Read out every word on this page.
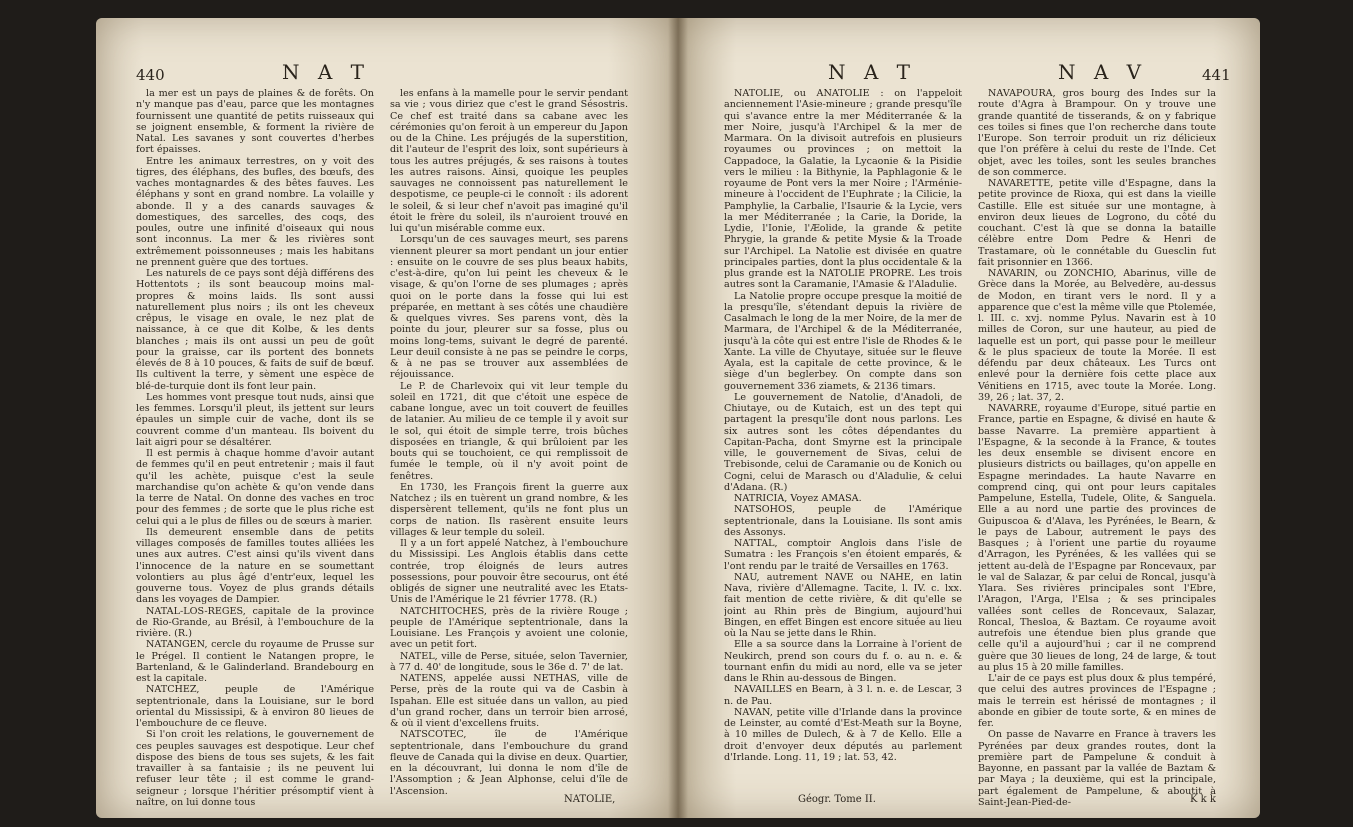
440	N A T

la mer est un pays de plaines & de forêts. On n'y manque pas d'eau, parce que les montagnes fournissent une quantité de petits ruisseaux qui se joignent ensemble, & forment la rivière de Natal. Les savanes y sont couvertes d'herbes fort épaisses.

Entre les animaux terrestres, on y voit des tigres, des éléphans, des bufles, des bœufs, des vaches montagnardes & des bêtes fauves. Les éléphans y sont en grand nombre. La volaille y abonde. Il y a des canards sauvages & domestiques, des sarcelles, des coqs, des poules, outre une infinité d'oiseaux qui nous sont inconnus. La mer & les rivières sont extrêmement poissonneuses ; mais les habitans ne prennent guère que des tortues.

Les naturels de ce pays sont déjà différens des Hottentots ; ils sont beaucoup moins mal-propres & moins laids. Ils sont aussi naturellement plus noirs ; ils ont les cheveux crêpus, le visage en ovale, le nez plat de naissance, à ce que dit Kolbe, & les dents blanches ; mais ils ont aussi un peu de goût pour la graisse, car ils portent des bonnets élevés de 8 à 10 pouces, & faits de suif de bœuf. Ils cultivent la terre, y sèment une espèce de blé-de-turquie dont ils font leur pain.

Les hommes vont presque tout nuds, ainsi que les femmes. Lorsqu'il pleut, ils jettent sur leurs épaules un simple cuir de vache, dont ils se couvrent comme d'un manteau. Ils boivent du lait aigri pour se désaltérer.

Il est permis à chaque homme d'avoir autant de femmes qu'il en peut entretenir ; mais il faut qu'il les achète, puisque c'est la seule marchandise qu'on achète & qu'on vende dans la terre de Natal. On donne des vaches en troc pour des femmes ; de sorte que le plus riche est celui qui a le plus de filles ou de sœurs à marier.

Ils demeurent ensemble dans de petits villages composés de familles toutes alliées les unes aux autres. C'est ainsi qu'ils vivent dans l'innocence de la nature en se soumettant volontiers au plus âgé d'entr'eux, lequel les gouverne tous. Voyez de plus grands détails dans les voyages de Dampier.

NATAL-LOS-REGES, capitale de la province de Rio-Grande, au Brésil, à l'embouchure de la rivière. (R.)

NATANGEN, cercle du royaume de Prusse sur le Prégel. Il contient le Natangen propre, le Bartenland, & le Galinderland. Brandebourg en est la capitale.

NATCHEZ, peuple de l'Amérique septentrionale, dans la Louisiane, sur le bord oriental du Mississipi, & à environ 80 lieues de l'embouchure de ce fleuve.

Si l'on croit les relations, le gouvernement de ces peuples sauvages est despotique. Leur chef dispose des biens de tous ses sujets, & les fait travailler à sa fantaisie ; ils ne peuvent lui refuser leur tête ; il est comme le grand-seigneur ; lorsque l'héritier présomptif vient à naître, on lui donne tous

les enfans à la mamelle pour le servir pendant sa vie ; vous diriez que c'est le grand Sésostris. Ce chef est traité dans sa cabane avec les cérémonies qu'on feroit à un empereur du Japon ou de la Chine. Les préjugés de la superstition, dit l'auteur de l'esprit des loix, sont supérieurs à tous les autres préjugés, & ses raisons à toutes les autres raisons. Ainsi, quoique les peuples sauvages ne connoissent pas naturellement le despotisme, ce peuple-ci le connoît : ils adorent le soleil, & si leur chef n'avoit pas imaginé qu'il étoit le frère du soleil, ils n'auroient trouvé en lui qu'un misérable comme eux.

Lorsqu'un de ces sauvages meurt, ses parens viennent pleurer sa mort pendant un jour entier : ensuite on le couvre de ses plus beaux habits, c'est-à-dire, qu'on lui peint les cheveux & le visage, & qu'on l'orne de ses plumages ; après quoi on le porte dans la fosse qui lui est préparée, en mettant à ses côtés une chaudière & quelques vivres. Ses parens vont, dès la pointe du jour, pleurer sur sa fosse, plus ou moins long-tems, suivant le degré de parenté. Leur deuil consiste à ne pas se peindre le corps, & à ne pas se trouver aux assemblées de réjouissance.

Le P. de Charlevoix qui vit leur temple du soleil en 1721, dit que c'étoit une espèce de cabane longue, avec un toit couvert de feuilles de latanier. Au milieu de ce temple il y avoit sur le sol, qui étoit de simple terre, trois bûches disposées en triangle, & qui brûloient par les bouts qui se touchoient, ce qui remplissoit de fumée le temple, où il n'y avoit point de fenêtres.

En 1730, les François firent la guerre aux Natchez ; ils en tuèrent un grand nombre, & les dispersèrent tellement, qu'ils ne font plus un corps de nation. Ils rasèrent ensuite leurs villages & leur temple du soleil.

Il y a un fort appelé Natchez, à l'embouchure du Mississipi. Les Anglois établis dans cette contrée, trop éloignés de leurs autres possessions, pour pouvoir être secourus, ont été obligés de signer une neutralité avec les Etats-Unis de l'Amérique le 21 février 1778. (R.)

NATCHITOCHES, près de la rivière Rouge ; peuple de l'Amérique septentrionale, dans la Louisiane. Les François y avoient une colonie, avec un petit fort.

NATEL, ville de Perse, située, selon Tavernier, à 77 d. 40' de longitude, sous le 36e d. 7' de lat.

NATENS, appelée aussi NETHAS, ville de Perse, près de la route qui va de Casbin à Ispahan. Elle est située dans un vallon, au pied d'un grand rocher, dans un terroir bien arrosé, & où il vient d'excellens fruits.

NATSCOTEC, île de l'Amérique septentrionale, dans l'embouchure du grand fleuve de Canada qui la divise en deux. Quartier, en la découvrant, lui donna le nom d'île de l'Assomption ; & Jean Alphonse, celui d'île de l'Ascension.

NATOLIE,
N A T	N A V	441

NATOLIE, ou ANATOLIE : on l'appeloit anciennement l'Asie-mineure ; grande presqu'île qui s'avance entre la mer Méditerranée & la mer Noire, jusqu'à l'Archipel & la mer de Marmara. On la divisoit autrefois en plusieurs royaumes ou provinces ; on mettoit la Cappadoce, la Galatie, la Lycaonie & la Pisidie vers le milieu : la Bithynie, la Paphlagonie & le royaume de Pont vers la mer Noire ; l'Arménie-mineure à l'occident de l'Euphrate ; la Cilicie, la Pamphylie, la Carbalie, l'Isaurie & la Lycie, vers la mer Méditerranée ; la Carie, la Doride, la Lydie, l'Ionie, l'Æolide, la grande & petite Phrygie, la grande & petite Mysie & la Troade sur l'Archipel. La Natolie est divisée en quatre principales parties, dont la plus occidentale & la plus grande est la NATOLIE PROPRE. Les trois autres sont la Caramanie, l'Amasie & l'Aladulie.

La Natolie propre occupe presque la moitié de la presqu'île, s'étendant depuis la rivière de Casalmach le long de la mer Noire, de la mer de Marmara, de l'Archipel & de la Méditerranée, jusqu'à la côte qui est entre l'isle de Rhodes & le Xante. La ville de Chyutaye, située sur le fleuve Ayala, est la capitale de cette province, & le siège d'un beglerbey. On compte dans son gouvernement 336 ziamets, & 2136 timars.

Le gouvernement de Natolie, d'Anadoli, de Chiutaye, ou de Kutaich, est un des tept qui partagent la presqu'île dont nous parlons. Les six autres sont les côtes dépendantes du Capitan-Pacha, dont Smyrne est la principale ville, le gouvernement de Sivas, celui de Trebisonde, celui de Caramanie ou de Konich ou Cogni, celui de Marasch ou d'Aladulie, & celui d'Adana. (R.)

NATRICIA, Voyez AMASA.

NATSOHOS, peuple de l'Amérique septentrionale, dans la Louisiane. Ils sont amis des Assonys.

NATTAL, comptoir Anglois dans l'isle de Sumatra : les François s'en étoient emparés, & l'ont rendu par le traité de Versailles en 1763.

NAU, autrement NAVE ou NAHE, en latin Nava, rivière d'Allemagne. Tacite, l. IV. c. lxx. fait mention de cette rivière, & dit qu'elle se joint au Rhin près de Bingium, aujourd'hui Bingen, en effet Bingen est encore située au lieu où la Nau se jette dans le Rhin.

Elle a sa source dans la Lorraine à l'orient de Neukirch, prend son cours du f. o. au n. e. & tournant enfin du midi au nord, elle va se jeter dans le Rhin au-dessous de Bingen.

NAVAILLES en Bearn, à 3 l. n. e. de Lescar, 3 n. de Pau.

NAVAN, petite ville d'Irlande dans la province de Leinster, au comté d'Est-Meath sur la Boyne, à 10 milles de Dulech, & à 7 de Kello. Elle a droit d'envoyer deux députés au parlement d'Irlande. Long. 11, 19 ; lat. 53, 42.

NAVAPOURA, gros bourg des Indes sur la route d'Agra à Brampour. On y trouve une grande quantité de tisserands, & on y fabrique ces toiles si fines que l'on recherche dans toute l'Europe. Son terroir produit un riz délicieux que l'on préfère à celui du reste de l'Inde. Cet objet, avec les toiles, sont les seules branches de son commerce.

NAVARETTE, petite ville d'Espagne, dans la petite province de Rioxa, qui est dans la vieille Castille. Elle est située sur une montagne, à environ deux lieues de Logrono, du côté du couchant. C'est là que se donna la bataille célèbre entre Dom Pedre & Henri de Trastamare, où le connétable du Guesclin fut fait prisonnier en 1366.

NAVARIN, ou ZONCHIO, Abarinus, ville de Grèce dans la Morée, au Belvedère, au-dessus de Modon, en tirant vers le nord. Il y a apparence que c'est la même ville que Ptolemée, l. III. c. xvj. nomme Pylus. Navarin est à 10 milles de Coron, sur une hauteur, au pied de laquelle est un port, qui passe pour le meilleur & le plus spacieux de toute la Morée. Il est défendu par deux châteaux. Les Turcs ont enlevé pour la dernière fois cette place aux Vénitiens en 1715, avec toute la Morée. Long. 39, 26 ; lat. 37, 2.

NAVARRE, royaume d'Europe, situé partie en France, partie en Espagne, & divisé en haute & basse Navarre. La première appartient à l'Espagne, & la seconde à la France, & toutes les deux ensemble se divisent encore en plusieurs districts ou baillages, qu'on appelle en Espagne merindades. La haute Navarre en comprend cinq, qui ont pour leurs capitales Pampelune, Estella, Tudele, Olite, & Sanguela. Elle a au nord une partie des provinces de Guipuscoa & d'Alava, les Pyrénées, le Bearn, & le pays de Labour, autrement le pays des Basques ; à l'orient une partie du royaume d'Arragon, les Pyrénées, & les vallées qui se jettent au-delà de l'Espagne par Roncevaux, par le val de Salazar, & par celui de Roncal, jusqu'à Ylara. Ses rivières principales sont l'Ebre, l'Aragon, l'Arga, l'Elsa ; & ses principales vallées sont celles de Roncevaux, Salazar, Roncal, Thesloa, & Baztam. Ce royaume avoit autrefois une étendue bien plus grande que celle qu'il a aujourd'hui ; car il ne comprend guère que 30 lieues de long, 24 de large, & tout au plus 15 à 20 mille familles.

L'air de ce pays est plus doux & plus tempéré, que celui des autres provinces de l'Espagne ; mais le terrein est hérissé de montagnes ; il abonde en gibier de toute sorte, & en mines de fer.

On passe de Navarre en France à travers les Pyrénées par deux grandes routes, dont la première part de Pampelune & conduit à Bayonne, en passant par la vallée de Baztam & par Maya ; la deuxième, qui est la principale, part également de Pampelune, & aboutit à Saint-Jean-Pied-de-

Géogr. Tome II.	K k k
